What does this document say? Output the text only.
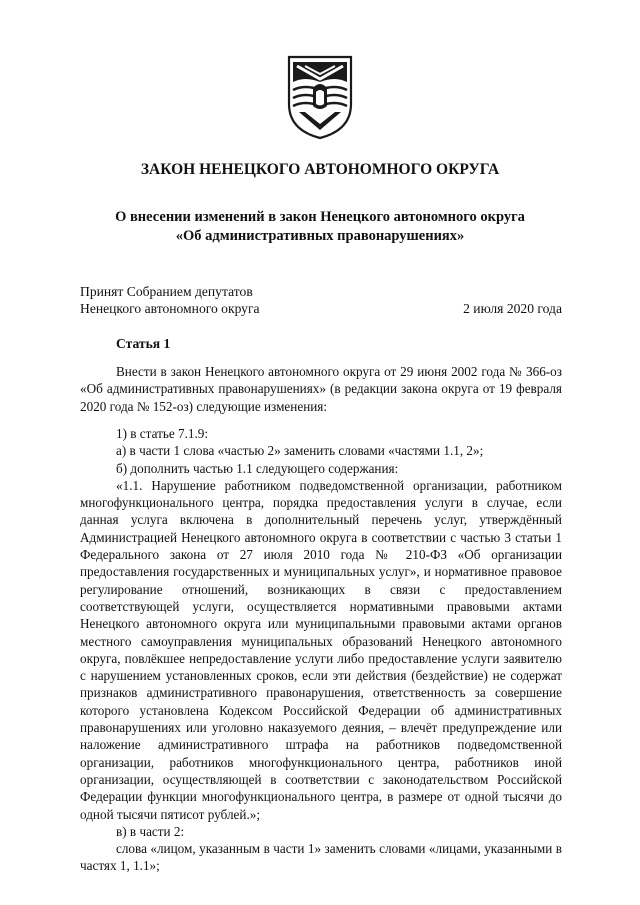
ЗАКОН НЕНЕЦКОГО АВТОНОМНОГО ОКРУГА
О внесении изменений в закон Ненецкого автономного округа
«Об административных правонарушениях»
Принят Собранием депутатов
Ненецкого автономного округа	2 июля 2020 года
Статья 1
Внести в закон Ненецкого автономного округа от 29 июня 2002 года № 366-оз «Об административных правонарушениях» (в редакции закона округа от 19 февраля 2020 года № 152-оз) следующие изменения:
1) в статье 7.1.9:
а) в части 1 слова «частью 2» заменить словами «частями 1.1, 2»;
б) дополнить частью 1.1 следующего содержания:
«1.1. Нарушение работником подведомственной организации, работником многофункционального центра, порядка предоставления услуги в случае, если данная услуга включена в дополнительный перечень услуг, утверждённый Администрацией Ненецкого автономного округа в соответствии с частью 3 статьи 1 Федерального закона от 27 июля 2010 года № 210-ФЗ «Об организации предоставления государственных и муниципальных услуг», и нормативное правовое регулирование отношений, возникающих в связи с предоставлением соответствующей услуги, осуществляется нормативными правовыми актами Ненецкого автономного округа или муниципальными правовыми актами органов местного самоуправления муниципальных образований Ненецкого автономного округа, повлёкшее непредоставление услуги либо предоставление услуги заявителю с нарушением установленных сроков, если эти действия (бездействие) не содержат признаков административного правонарушения, ответственность за совершение которого установлена Кодексом Российской Федерации об административных правонарушениях или уголовно наказуемого деяния, – влечёт предупреждение или наложение административного штрафа на работников подведомственной организации, работников многофункционального центра, работников иной организации, осуществляющей в соответствии с законодательством Российской Федерации функции многофункционального центра, в размере от одной тысячи до одной тысячи пятисот рублей.»;
в) в части 2:
слова «лицом, указанным в части 1» заменить словами «лицами, указанными в частях 1, 1.1»;
